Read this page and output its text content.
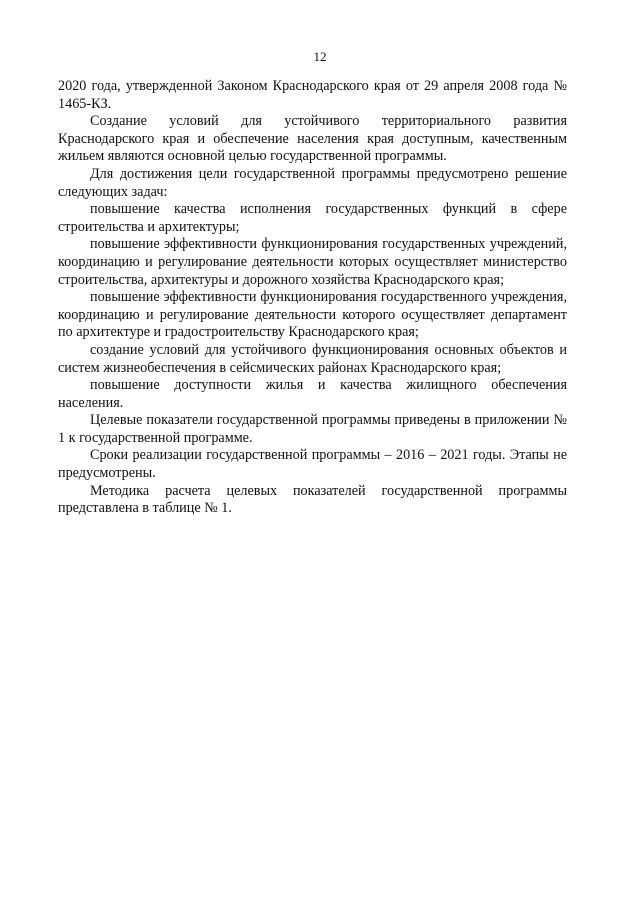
12

2020 года, утвержденной Законом Краснодарского края от 29 апреля 2008 года № 1465-КЗ.

Создание условий для устойчивого территориального развития Краснодарского края и обеспечение населения края доступным, качественным жильем являются основной целью государственной программы.

Для достижения цели государственной программы предусмотрено решение следующих задач:

повышение качества исполнения государственных функций в сфере строительства и архитектуры;

повышение эффективности функционирования государственных учреждений, координацию и регулирование деятельности которых осуществляет министерство строительства, архитектуры и дорожного хозяйства Краснодарского края;

повышение эффективности функционирования государственного учреждения, координацию и регулирование деятельности которого осуществляет департамент по архитектуре и градостроительству Краснодарского края;

создание условий для устойчивого функционирования основных объектов и систем жизнеобеспечения в сейсмических районах Краснодарского края;

повышение доступности жилья и качества жилищного обеспечения населения.

Целевые показатели государственной программы приведены в приложении № 1 к государственной программе.

Сроки реализации государственной программы – 2016 – 2021 годы. Этапы не предусмотрены.

Методика расчета целевых показателей государственной программы представлена в таблице № 1.
